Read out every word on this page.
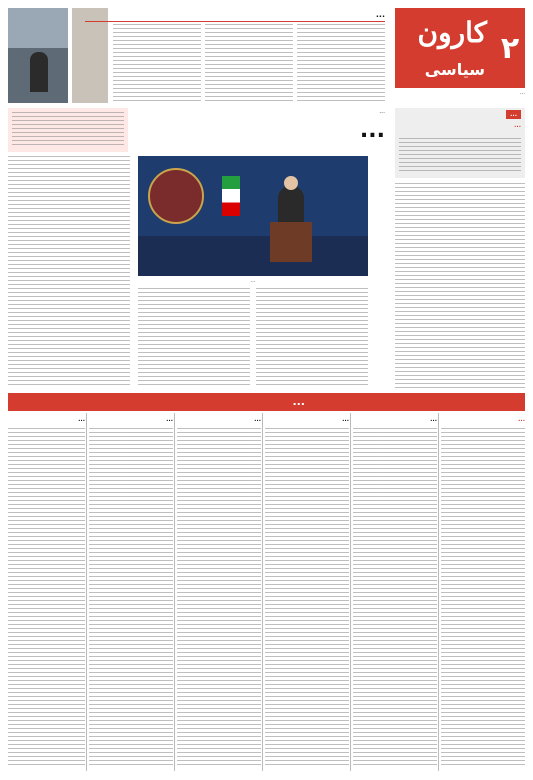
۲
کارون
سیاسی
...
...
...
...
...
...
...
...
...
...
...
...
...
...
